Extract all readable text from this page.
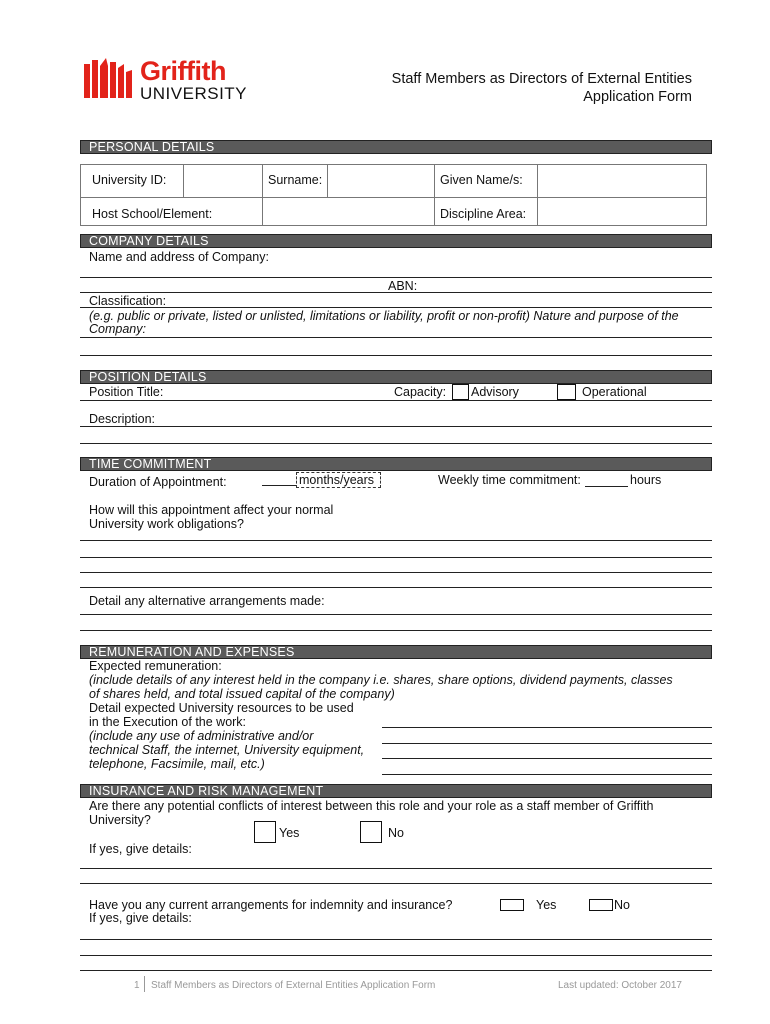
Griffith
UNIVERSITY
Staff Members as Directors of External Entities
Application Form
PERSONAL DETAILS
University ID:	Surname:	Given Name/s:
Host School/Element:	Discipline Area:
COMPANY DETAILS
Name and address of Company:
ABN:
Classification:
(e.g. public or private, listed or unlisted, limitations or liability, profit or non-profit) Nature and purpose of the
Company:
POSITION DETAILS
Position Title:	Capacity: Advisory	Operational
Description:
TIME COMMITMENT
Duration of Appointment:	months/years	Weekly time commitment:	hours
How will this appointment affect your normal
University work obligations?
Detail any alternative arrangements made:
REMUNERATION AND EXPENSES
Expected remuneration:
(include details of any interest held in the company i.e. shares, share options, dividend payments, classes
of shares held, and total issued capital of the company)
Detail expected University resources to be used
in the Execution of the work:
(include any use of administrative and/or
technical Staff, the internet, University equipment,
telephone, Facsimile, mail, etc.)
INSURANCE AND RISK MANAGEMENT
Are there any potential conflicts of interest between this role and your role as a staff member of Griffith
University?
Yes	No
If yes, give details:
Have you any current arrangements for indemnity and insurance?	Yes	No
If yes, give details:
1 Staff Members as Directors of External Entities Application Form	Last updated: October 2017
